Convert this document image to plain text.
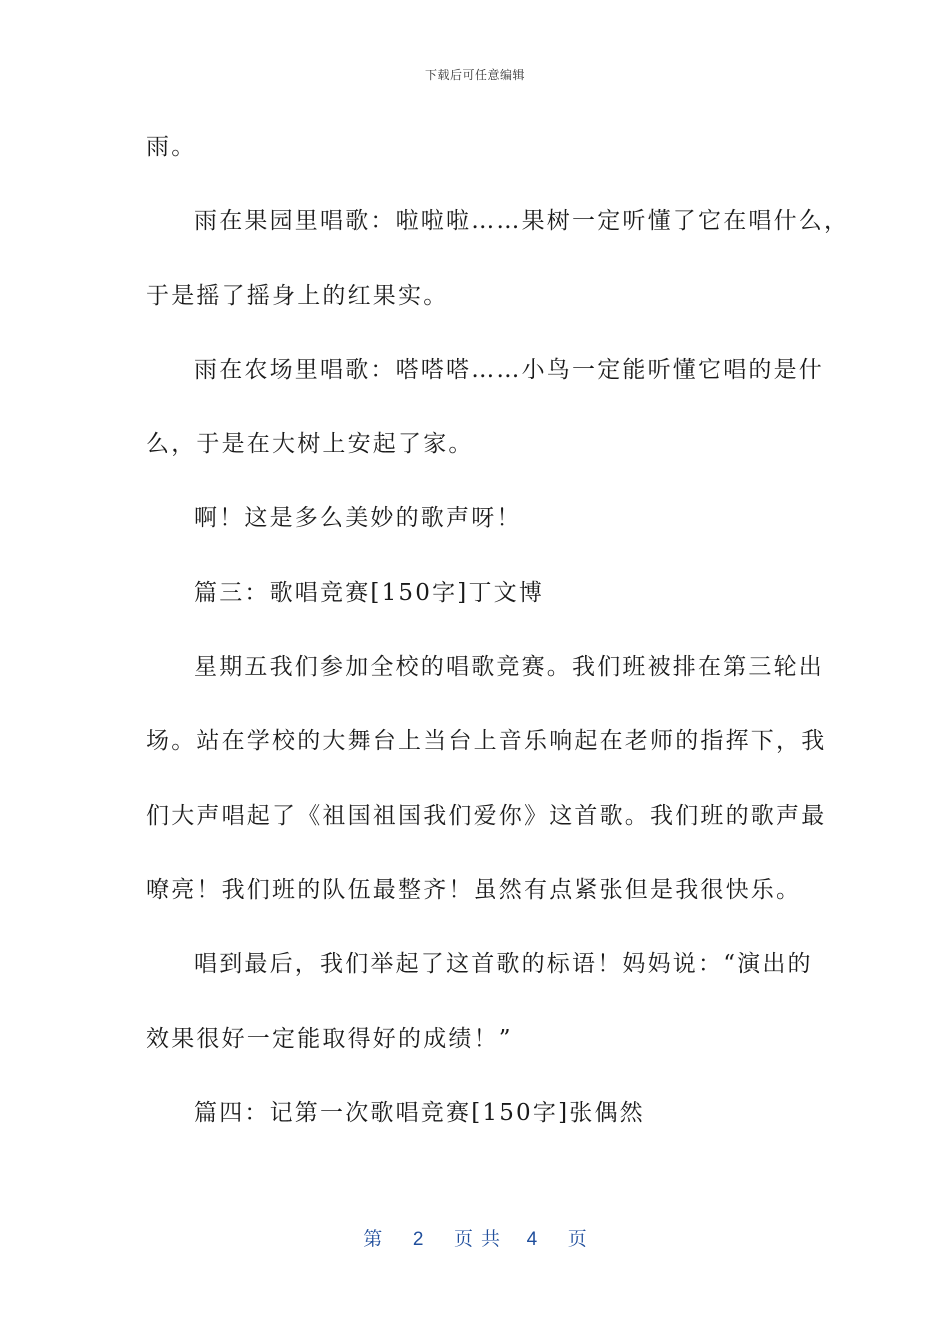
下载后可任意编辑
雨。
雨在果园里唱歌：啦啦啦……果树一定听懂了它在唱什么，
于是摇了摇身上的红果实。
雨在农场里唱歌：嗒嗒嗒……小鸟一定能听懂它唱的是什
么，于是在大树上安起了家。
啊！这是多么美妙的歌声呀！
篇三：歌唱竞赛[150字]丁文博
星期五我们参加全校的唱歌竞赛。我们班被排在第三轮出
场。站在学校的大舞台上当台上音乐响起在老师的指挥下，我
们大声唱起了《祖国祖国我们爱你》这首歌。我们班的歌声最
嘹亮！我们班的队伍最整齐！虽然有点紧张但是我很快乐。
唱到最后，我们举起了这首歌的标语！妈妈说：“演出的
效果很好一定能取得好的成绩！”
篇四：记第一次歌唱竞赛[150字]张偶然
第 2 页共 4 页
